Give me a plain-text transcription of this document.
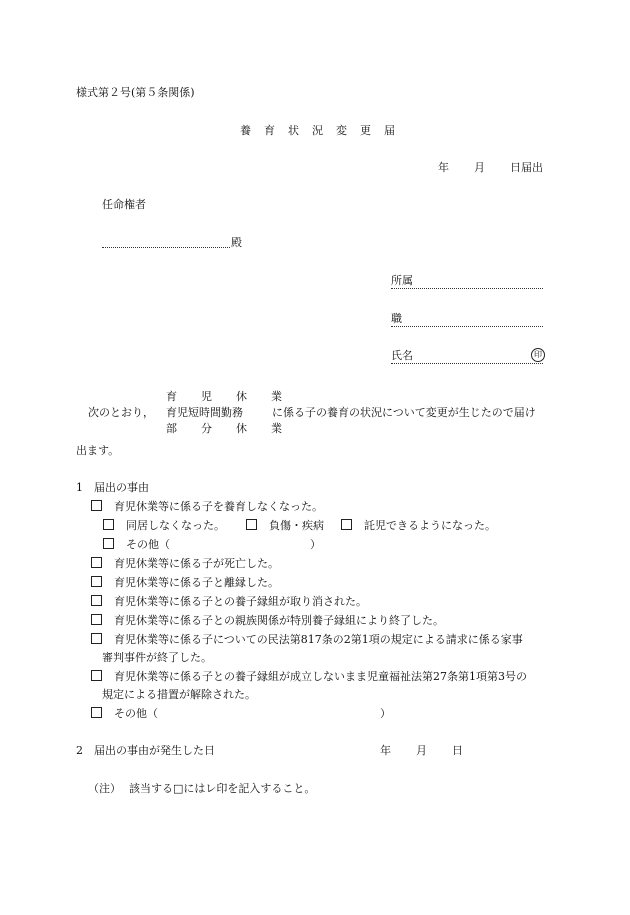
様式第２号(第５条関係)
養 育 状 況 変 更 届
年 月 日届出
任命権者
殿
所属
職
氏名	印
育 児 休 業
次のとおり， 育児短時間勤務	に係る子の養育の状況について変更が生じたので届け
部 分 休 業
出ます。
1　届出の事由
　育児休業等に係る子を養育しなくなった。
　同居しなくなった。  　	負傷・疾病  　	託児できるようになった。
　その他（	）
　育児休業等に係る子が死亡した。
　育児休業等に係る子と離縁した。
　育児休業等に係る子との養子縁組が取り消された。
　育児休業等に係る子との親族関係が特別養子縁組により終了した。
　育児休業等に係る子についての民法第817条の2第1項の規定による請求に係る家事
審判事件が終了した。
　育児休業等に係る子との養子縁組が成立しないまま児童福祉法第27条第1項第3号の
規定による措置が解除された。
　その他（	）
2　届出の事由が発生した日	年 月 日
（注） 該当する□にはレ印を記入すること。
